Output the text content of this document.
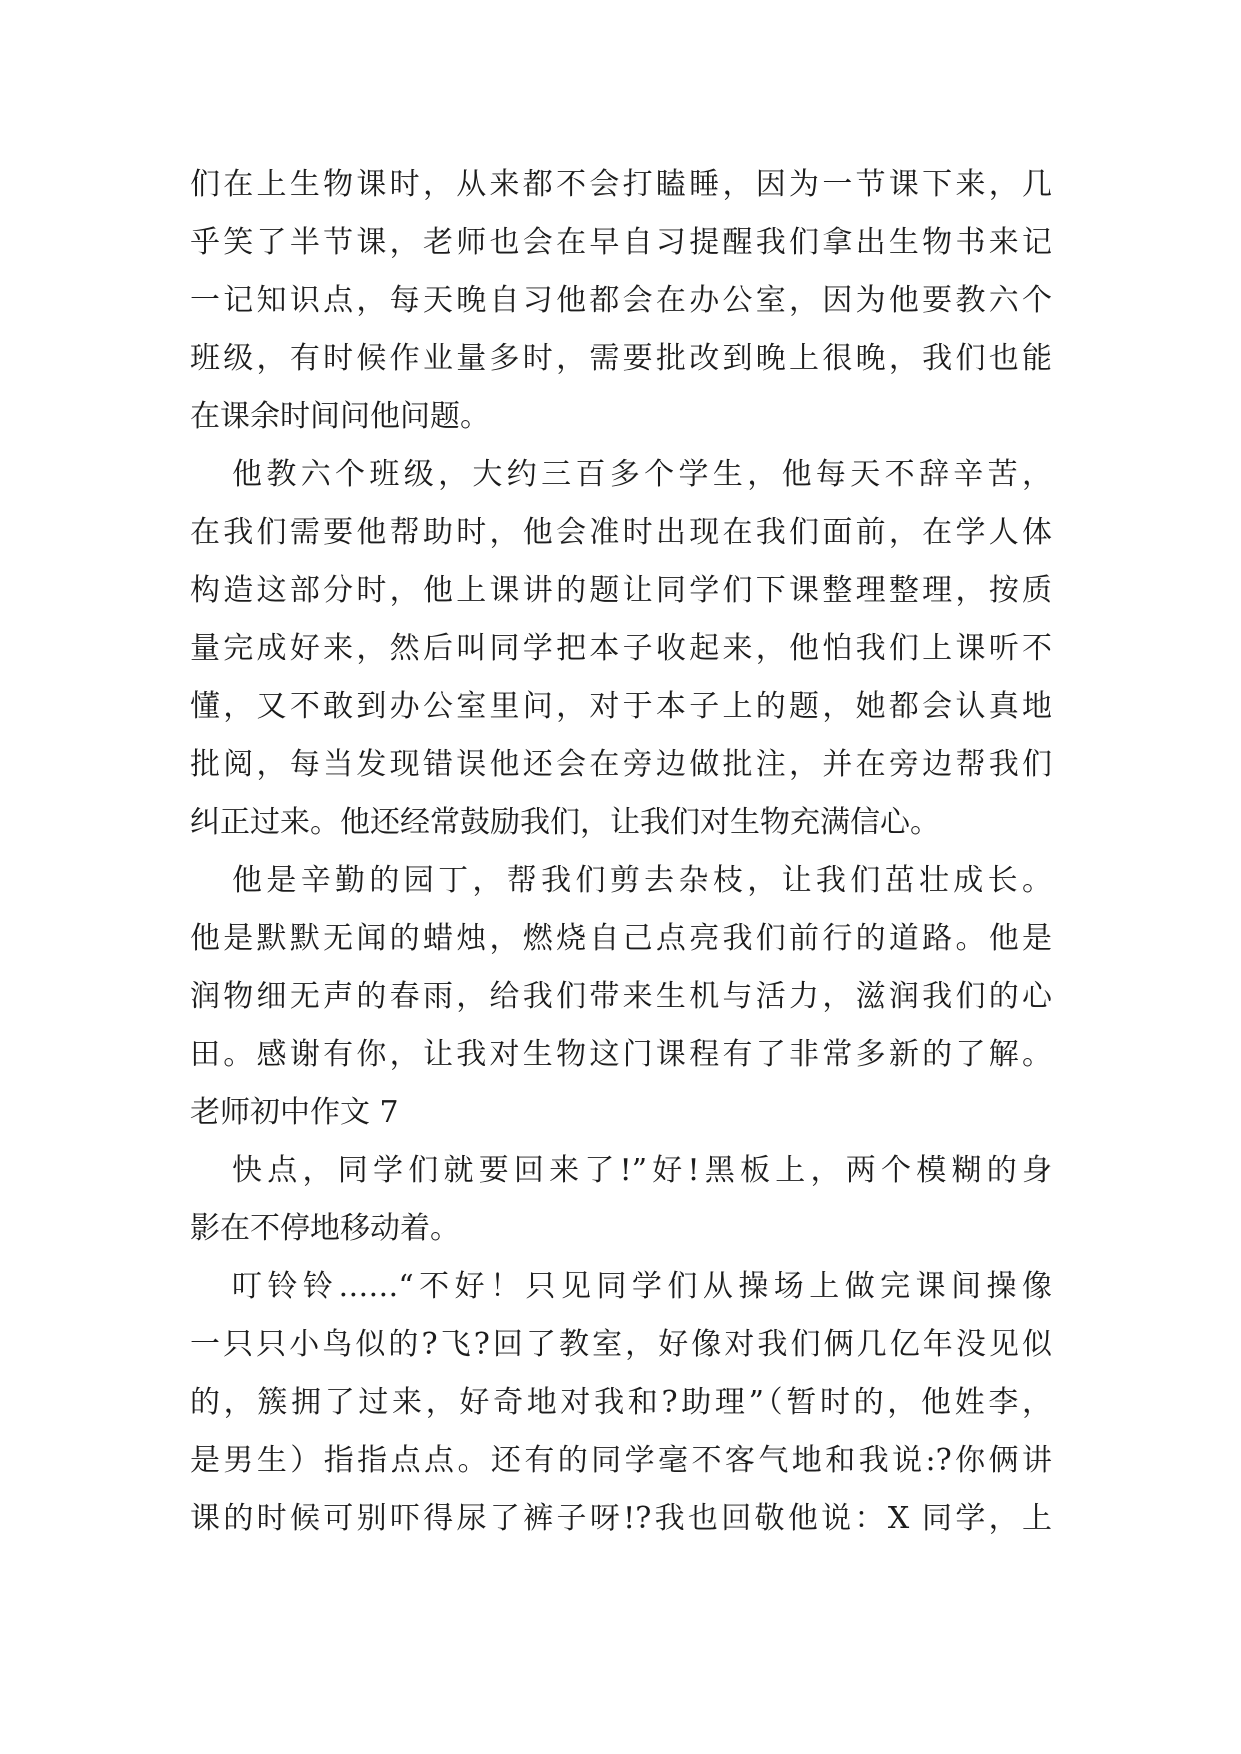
们在上生物课时，从来都不会打瞌睡，因为一节课下来，几
乎笑了半节课，老师也会在早自习提醒我们拿出生物书来记
一记知识点，每天晚自习他都会在办公室，因为他要教六个
班级，有时候作业量多时，需要批改到晚上很晚，我们也能
在课余时间问他问题。
他教六个班级，大约三百多个学生，他每天不辞辛苦，
在我们需要他帮助时，他会准时出现在我们面前，在学人体
构造这部分时，他上课讲的题让同学们下课整理整理，按质
量完成好来，然后叫同学把本子收起来，他怕我们上课听不
懂，又不敢到办公室里问，对于本子上的题，她都会认真地
批阅，每当发现错误他还会在旁边做批注，并在旁边帮我们
纠正过来。他还经常鼓励我们，让我们对生物充满信心。
他是辛勤的园丁，帮我们剪去杂枝，让我们茁壮成长。
他是默默无闻的蜡烛，燃烧自己点亮我们前行的道路。他是
润物细无声的春雨，给我们带来生机与活力，滋润我们的心
田。感谢有你，让我对生物这门课程有了非常多新的了解。
老师初中作文 7
快点，同学们就要回来了!”好!黑板上，两个模糊的身
影在不停地移动着。
叮铃铃……“不好！只见同学们从操场上做完课间操像
一只只小鸟似的?飞?回了教室，好像对我们俩几亿年没见似
的，簇拥了过来，好奇地对我和?助理”（暂时的，他姓李，
是男生）指指点点。还有的同学毫不客气地和我说:?你俩讲
课的时候可别吓得尿了裤子呀!?我也回敬他说：X 同学，上
